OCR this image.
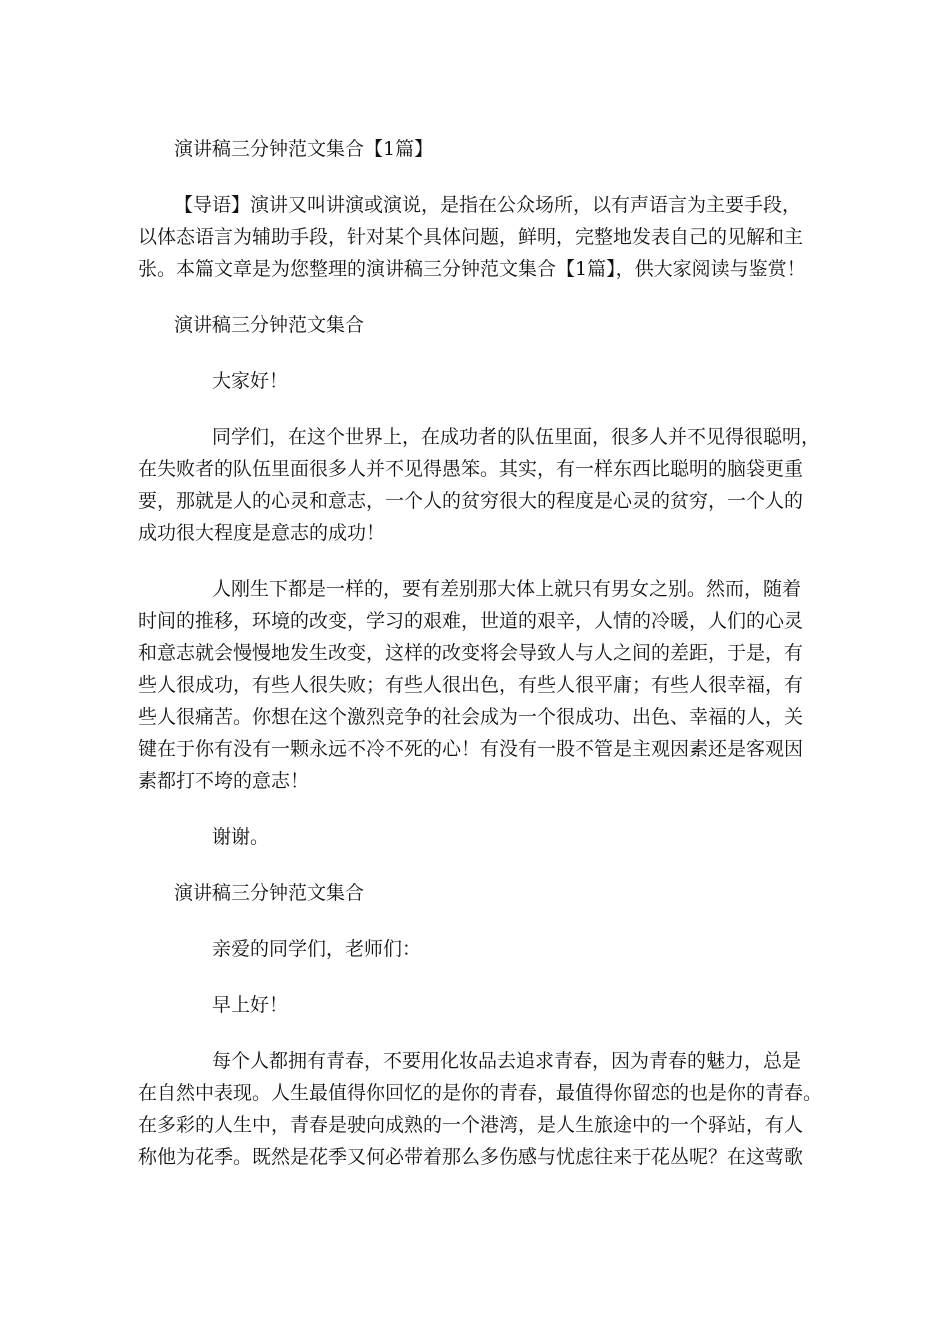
演讲稿三分钟范文集合【1篇】
【导语】演讲又叫讲演或演说，是指在公众场所，以有声语言为主要手段，
以体态语言为辅助手段，针对某个具体问题，鲜明，完整地发表自己的见解和主
张。本篇文章是为您整理的演讲稿三分钟范文集合【1篇】，供大家阅读与鉴赏！
演讲稿三分钟范文集合
大家好！
同学们，在这个世界上，在成功者的队伍里面，很多人并不见得很聪明，
在失败者的队伍里面很多人并不见得愚笨。其实，有一样东西比聪明的脑袋更重
要，那就是人的心灵和意志，一个人的贫穷很大的程度是心灵的贫穷，一个人的
成功很大程度是意志的成功！
人刚生下都是一样的，要有差别那大体上就只有男女之别。然而，随着
时间的推移，环境的改变，学习的艰难，世道的艰辛，人情的冷暖，人们的心灵
和意志就会慢慢地发生改变，这样的改变将会导致人与人之间的差距，于是，有
些人很成功，有些人很失败；有些人很出色，有些人很平庸；有些人很幸福，有
些人很痛苦。你想在这个激烈竞争的社会成为一个很成功、出色、幸福的人，关
键在于你有没有一颗永远不冷不死的心！有没有一股不管是主观因素还是客观因
素都打不垮的意志！
谢谢。
演讲稿三分钟范文集合
亲爱的同学们，老师们：
早上好！
每个人都拥有青春，不要用化妆品去追求青春，因为青春的魅力，总是
在自然中表现。人生最值得你回忆的是你的青春，最值得你留恋的也是你的青春。
在多彩的人生中，青春是驶向成熟的一个港湾，是人生旅途中的一个驿站，有人
称他为花季。既然是花季又何必带着那么多伤感与忧虑往来于花丛呢？在这莺歌
